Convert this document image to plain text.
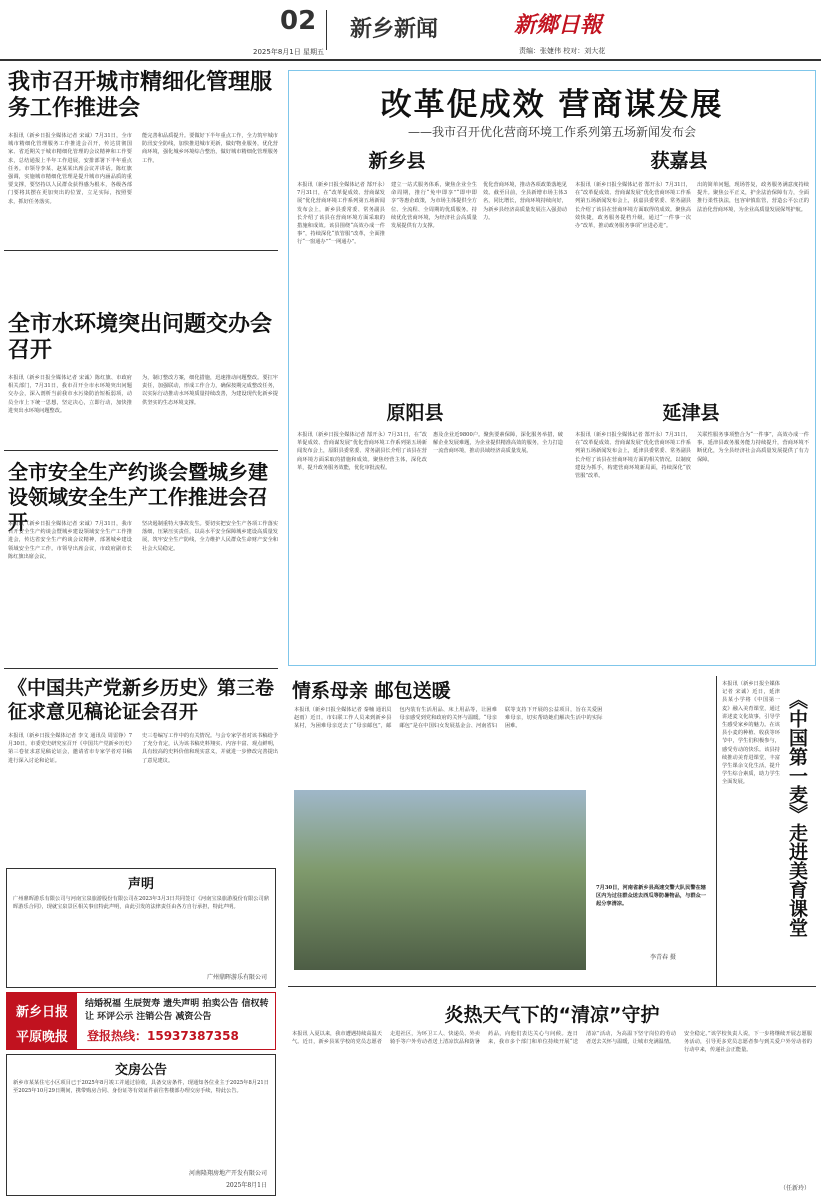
02 新乡新闻
2025年8月1日 星期五
新鄉日報
责编：张婕伟 校对：刘大花
我市召开城市精细化管理服务工作推进会
本报讯（新乡日报全媒体记者 宋诚）7月31日，全市城市精细化管理服务工作推进会召开，传达贯彻国家、省近期关于城市精细化管理的会议精神和工作要求，总结通报上半年工作进展，安排部署下半年重点任务。市领导李某、赵某某出席会议并讲话。陈红旗强调，实施城市精细化管理是提升城市内涵品质的重要支撑，要坚持以人民群众获得感为根本，各级各部门要将其摆在更加突出的位置，立足实际，按照要求，抓好任务落实。
能完善和品质提升。要做好下半年重点工作，全力筑牢城市防汛安全防线，加快推进城市更新，做好物业服务，优化营商环境，强化城乡环境综合整治，做好城市精细化管理服务工作。
全市水环境突出问题交办会召开
本报讯（新乡日报全媒体记者 宋诚）陈红旗、市政府相关部门，7月31日，我市召开全市水环境突出问题交办会，深入剖析当前我市水污染防治短板弱项，动员全市上下统一思想，坚定决心，立即行动，加快推进突出水环境问题整改。
为，制订整改方案，细化措施，迅速推动问题整改。要扛牢责任，加强联动，形成工作合力，确保按期完成整改任务，以实际行动推动水环境质量持续改善，为建设现代化新乡提供坚实的生态环境支撑。
全市安全生产约谈会暨城乡建设领域安全生产工作推进会召开
本报讯（新乡日报全媒体记者 宋诚）7月31日，我市召开安全生产约谈会暨城乡建设领域安全生产工作推进会，传达省安全生产约谈会议精神，部署城乡建设领域安全生产工作。市领导出席会议，市政府副市长陈红旗出席会议。
坚决遏制重特大事故发生。要切实把安全生产各项工作落实落细，压紧压实责任，以高水平安全保障城乡建设高质量发展，筑牢安全生产防线，全力维护人民群众生命财产安全和社会大局稳定。
《中国共产党新乡历史》第三卷征求意见稿论证会召开
本报讯（新乡日报全媒体记者 李文 通讯员 周雷铮）7月30日，市委党史研究室召开《中国共产党新乡历史》第三卷征求意见稿论证会，邀请省市专家学者对书稿进行深入讨论和论证。
史三卷编写工作中的有关情况。与会专家学者对该书稿给予了充分肯定，认为该书稿史料翔实、内容丰富、观点鲜明，具有较高的史料价值和现实意义，并就进一步修改完善提出了意见建议。
声明
广州鼎晖游乐有限公司与河南宝泉旅游股份有限公司在2023年3月3日共同签订《河南宝泉旅游股份有限公司鼎晖游乐合同》，现就宝泉景区相关事宜特此声明，由此引发的法律责任由各方自行承担，特此声明。
广州鼎晖游乐有限公司
新乡日报
平原晚报
结婚祝福 生辰贺寿 遗失声明 拍卖公告 信权转让 环评公示 注销公告 减资公告
登报热线：15937387358
交房公告
新乡市某某住宅小区项目已于2025年8月竣工并通过验收，具备交房条件，现通知各位业主于2025年8月21日至2025年10月29日期间，携带购房合同、身份证等有效证件前往售楼部办理交房手续，特此公告。
河南隆翔房地产开发有限公司
2025年8月1日
改革促成效 营商谋发展
——我市召开优化营商环境工作系列第五场新闻发布会
新乡县	获嘉县
本报讯（新乡日报全媒体记者 郜开永）7月31日，在“改革促成效、营商谋发展”优化营商环境工作系列第五场新闻发布会上，新乡县委常委、常务副县长介绍了该县在营商环境方面采取的措施和成效。该县围绕“高效办成一件事”，持续深化“放管服”改革，全面推行“一窗通办”“一网通办”。
建立一站式服务体系，聚焦企业全生命周期，推行“免申即享”“即申即享”等惠企政策，为市场主体提供全方位、全流程、全周期的优质服务。持续优化营商环境，为经济社会高质量发展提供有力支撑。
优化营商环境，推动各项政策落地见效。截至目前，全县新增市场主体3名，同比增长，营商环境持续向好，为新乡县经济高质量发展注入强劲动力。
本报讯（新乡日报全媒体记者 郜开永）7月31日，在“改革促成效、营商谋发展”优化营商环境工作系列第五场新闻发布会上，获嘉县委常委、常务副县长介绍了该县在营商环境方面取得的成效。聚焦高效快捷，政务服务提档升级，通过“一件事一次办”改革，推动政务服务事项“应进必进”。
出的简单问题，现场答复，政务服务满意度持续提升。聚焦公平正义，护企法治保障有力，全面推行柔性执法，包容审慎监管，营造公平公正的法治化营商环境，为企业高质量发展保驾护航。
原阳县	延津县
本报讯（新乡日报全媒体记者 郜开永）7月31日，在“改革促成效、营商谋发展”优化营商环境工作系列第五场新闻发布会上，原阳县委常委、常务副县长介绍了该县在营商环境方面采取的措施和成效。聚焦经营主体，深化改革，提升政务服务效能，优化审批流程。
惠及企业近9800户。聚焦要素保障，深化服务举措，破解企业发展难题，为企业提供精准高效的服务，全力打造一流营商环境，推动县域经济高质量发展。
本报讯（新乡日报全媒体记者 郜开永）7月31日，在“改革促成效、营商谋发展”优化营商环境工作系列第五场新闻发布会上，延津县委常委、常务副县长介绍了该县在营商环境方面的相关情况。以制度建设为抓手，构建营商环境新局面，持续深化“放管服”改革。
关联性服务事项整合为“一件事”，高效办成一件事，延津县政务服务能力持续提升，营商环境不断优化，为全县经济社会高质量发展提供了有力保障。
情系母亲 邮包送暖
本报讯（新乡日报全媒体记者 秦楠 通讯员 赵雨）近日，市妇联工作人员来到新乡县某村，为困难母亲送去了“母亲邮包”，邮包内装有生活用品、床上用品等，让困难母亲感受到党和政府的关怀与温暖。“母亲邮包”是在中国妇女发展基金会、河南省妇联等支持下开展的公益项目，旨在关爱困难母亲，切实帮助她们解决生活中的实际困难。
7月30日，河南省新乡县高速交警大队民警在辖区内为过往群众送去西瓜等防暑物品，与群众一起分享清凉。
李青春 摄
本报讯（新乡日报全媒体记者 宋诚）近日，延津县某小学将《中国第一麦》融入美育课堂，通过讲述麦文化故事，引导学生感受家乡的魅力。在该县小麦的种植、收获等环节中，学生们积极参与，感受劳动的快乐。该县持续推动美育进课堂，丰富学生课余文化生活，提升学生综合素质，助力学生全面发展。	《中国第一麦》走进美育课堂
炎热天气下的“清凉”守护
本报讯 入夏以来，我市遭遇持续高温天气。近日，新乡县某学校的党员志愿者走进社区，为环卫工人、快递员、外卖骑手等户外劳动者送上清凉饮品和防暑药品，向他们表达关心与问候。连日来，我市多个部门和单位持续开展“送清凉”活动，为高温下坚守岗位的劳动者送去关怀与温暖，让城市充满温情。
安全稳定。”该学校负责人说，下一步将继续开展志愿服务活动，引导更多党员志愿者参与到关爱户外劳动者的行动中来，传递社会正能量。
（任新玲）
